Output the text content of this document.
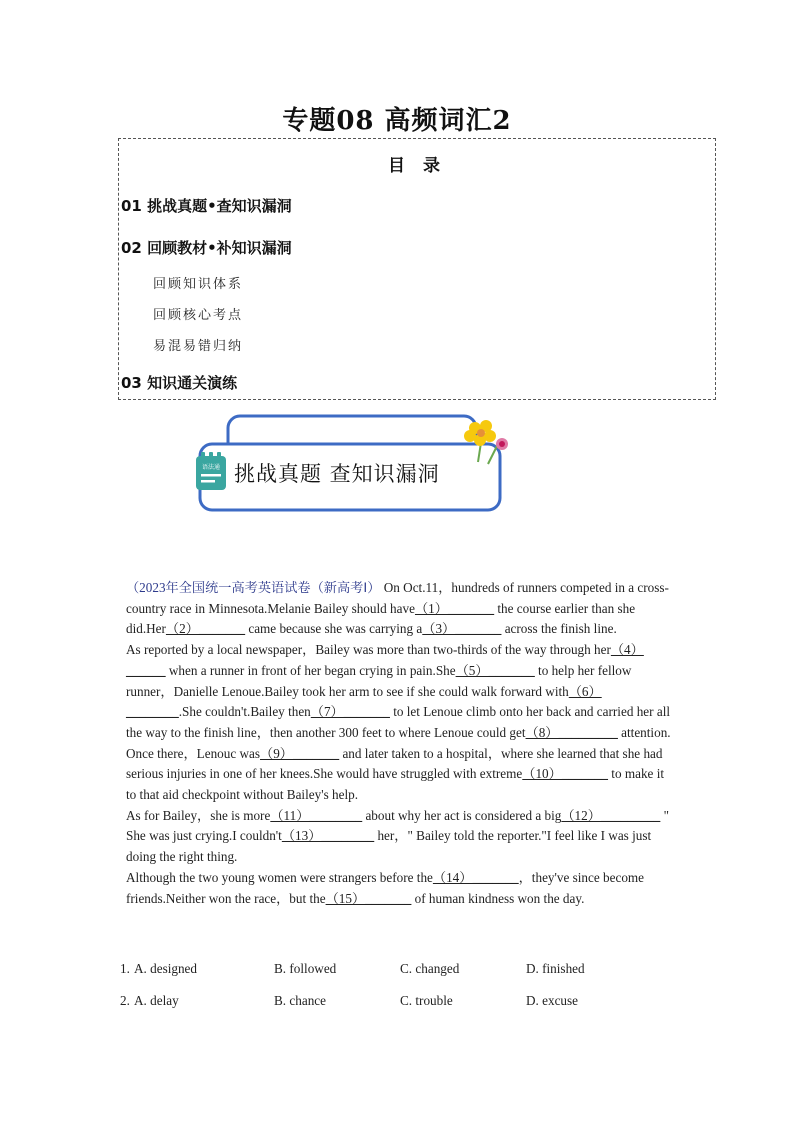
专题08 高频词汇2
目 录
01 挑战真题•查知识漏洞
02 回顾教材•补知识漏洞
回顾知识体系
回顾核心考点
易混易错归纳
03 知识通关演练
语法通 挑战真题 查知识漏洞

（2023年全国统一高考英语试卷（新高考Ⅰ） On Oct.11，hundreds of runners competed in a cross-country race in Minnesota.Melanie Bailey should have（1）_______ the course earlier than she did.Her（2）_______ came because she was carrying a（3）_______ across the finish line.

As reported by a local newspaper，Bailey was more than two-thirds of the way through her（4）______ when a runner in front of her began crying in pain.She（5）_______ to help her fellow runner，Danielle Lenoue.Bailey took her arm to see if she could walk forward with（6）________.She couldn't.Bailey then（7）_______ to let Lenoue climb onto her back and carried her all the way to the finish line，then another 300 feet to where Lenoue could get（8）_________ attention.

Once there，Lenouc was（9）_______ and later taken to a hospital，where she learned that she had serious injuries in one of her knees.She would have struggled with extreme（10）_______ to make it to that aid checkpoint without Bailey's help.

As for Bailey，she is more（11）________ about why her act is considered a big（12）_________ " She was just crying.I couldn't（13）________ her，" Bailey told the reporter."I feel like I was just doing the right thing.

Although the two young women were strangers before the（14）_______，they've since become friends.Neither won the race，but the（15）_______ of human kindness won the day.

1. A. designed	B. followed	C. changed	D. finished
2. A. delay	B. chance	C. trouble	D. excuse
